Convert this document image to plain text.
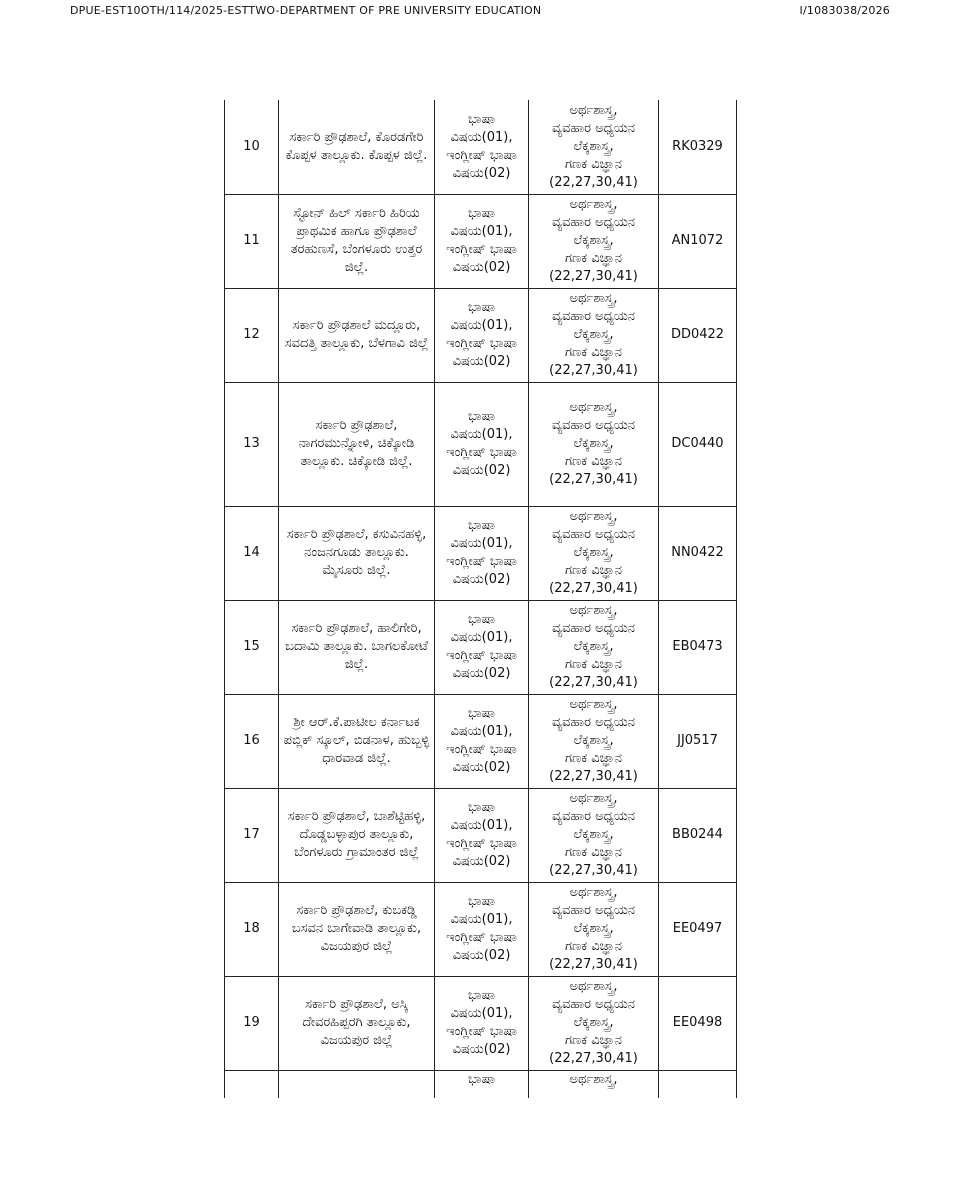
DPUE-EST10OTH/114/2025-ESTTWO-DEPARTMENT OF PRE UNIVERSITY EDUCATION	I/1083038/2026
10	ಸರ್ಕಾರಿ ಪ್ರೌಢಶಾಲೆ, ಕೊರಡಗೇರಿ ಕೊಪ್ಪಳ ತಾಲ್ಲೂಕು. ಕೊಪ್ಪಳ ಜಿಲ್ಲೆ.	ಭಾಷಾ
ವಿಷಯ(01),
ಇಂಗ್ಲೀಷ್ ಭಾಷಾ
ವಿಷಯ(02)	ಅರ್ಥಶಾಸ್ತ್ರ,
ವ್ಯವಹಾರ ಅಧ್ಯಯನ
ಲೆಕ್ಕಶಾಸ್ತ್ರ,
ಗಣಕ ವಿಜ್ಞಾನ
(22,27,30,41)	RK0329
11	ಸ್ಟೋನ್ ಹಿಲ್ ಸರ್ಕಾರಿ ಹಿರಿಯ ಪ್ರಾಥಮಿಕ ಹಾಗೂ ಪ್ರೌಢಶಾಲೆ ತರಹುಣಸೆ, ಬೆಂಗಳೂರು ಉತ್ತರ ಜಿಲ್ಲೆ.	ಭಾಷಾ
ವಿಷಯ(01),
ಇಂಗ್ಲೀಷ್ ಭಾಷಾ
ವಿಷಯ(02)	ಅರ್ಥಶಾಸ್ತ್ರ,
ವ್ಯವಹಾರ ಅಧ್ಯಯನ
ಲೆಕ್ಕಶಾಸ್ತ್ರ,
ಗಣಕ ವಿಜ್ಞಾನ
(22,27,30,41)	AN1072
12	ಸರ್ಕಾರಿ ಪ್ರೌಢಶಾಲೆ ಮದ್ಲೂರು, ಸವದತ್ತಿ ತಾಲ್ಲೂಕು, ಬೆಳಗಾವಿ ಜಿಲ್ಲೆ	ಭಾಷಾ
ವಿಷಯ(01),
ಇಂಗ್ಲೀಷ್ ಭಾಷಾ
ವಿಷಯ(02)	ಅರ್ಥಶಾಸ್ತ್ರ,
ವ್ಯವಹಾರ ಅಧ್ಯಯನ
ಲೆಕ್ಕಶಾಸ್ತ್ರ,
ಗಣಕ ವಿಜ್ಞಾನ
(22,27,30,41)	DD0422
13	ಸರ್ಕಾರಿ ಪ್ರೌಢಶಾಲೆ, ನಾಗರಮುನ್ನೋಳಿ, ಚಿಕ್ಕೋಡಿ ತಾಲ್ಲೂಕು. ಚಿಕ್ಕೋಡಿ ಜಿಲ್ಲೆ.	ಭಾಷಾ
ವಿಷಯ(01),
ಇಂಗ್ಲೀಷ್ ಭಾಷಾ
ವಿಷಯ(02)	ಅರ್ಥಶಾಸ್ತ್ರ,
ವ್ಯವಹಾರ ಅಧ್ಯಯನ
ಲೆಕ್ಕಶಾಸ್ತ್ರ,
ಗಣಕ ವಿಜ್ಞಾನ
(22,27,30,41)	DC0440
14	ಸರ್ಕಾರಿ ಪ್ರೌಢಶಾಲೆ, ಕಸುವಿನಹಳ್ಳಿ, ನಂಜನಗೂಡು ತಾಲ್ಲೂಕು. ಮೈಸೂರು ಜಿಲ್ಲೆ.	ಭಾಷಾ
ವಿಷಯ(01),
ಇಂಗ್ಲೀಷ್ ಭಾಷಾ
ವಿಷಯ(02)	ಅರ್ಥಶಾಸ್ತ್ರ,
ವ್ಯವಹಾರ ಅಧ್ಯಯನ
ಲೆಕ್ಕಶಾಸ್ತ್ರ,
ಗಣಕ ವಿಜ್ಞಾನ
(22,27,30,41)	NN0422
15	ಸರ್ಕಾರಿ ಪ್ರೌಢಶಾಲೆ, ಹಾಲಿಗೇರಿ, ಬದಾಮಿ ತಾಲ್ಲೂಕು. ಬಾಗಲಕೋಟೆ ಜಿಲ್ಲೆ.	ಭಾಷಾ
ವಿಷಯ(01),
ಇಂಗ್ಲೀಷ್ ಭಾಷಾ
ವಿಷಯ(02)	ಅರ್ಥಶಾಸ್ತ್ರ,
ವ್ಯವಹಾರ ಅಧ್ಯಯನ
ಲೆಕ್ಕಶಾಸ್ತ್ರ,
ಗಣಕ ವಿಜ್ಞಾನ
(22,27,30,41)	EB0473
16	ಶ್ರೀ ಆರ್.ಕೆ.ಪಾಟೀಲ ಕರ್ನಾಟಕ ಪಬ್ಲಿಕ್ ಸ್ಕೂಲ್, ಬಿಡನಾಳ, ಹುಬ್ಬಳ್ಳಿ ಧಾರವಾಡ ಜಿಲ್ಲೆ.	ಭಾಷಾ
ವಿಷಯ(01),
ಇಂಗ್ಲೀಷ್ ಭಾಷಾ
ವಿಷಯ(02)	ಅರ್ಥಶಾಸ್ತ್ರ,
ವ್ಯವಹಾರ ಅಧ್ಯಯನ
ಲೆಕ್ಕಶಾಸ್ತ್ರ,
ಗಣಕ ವಿಜ್ಞಾನ
(22,27,30,41)	JJ0517
17	ಸರ್ಕಾರಿ ಪ್ರೌಢಶಾಲೆ, ಬಾಶೆಟ್ಟಿಹಳ್ಳಿ, ದೊಡ್ಡಬಳ್ಳಾಪುರ ತಾಲ್ಲೂಕು, ಬೆಂಗಳೂರು ಗ್ರಾಮಾಂತರ ಜಿಲ್ಲೆ	ಭಾಷಾ
ವಿಷಯ(01),
ಇಂಗ್ಲೀಷ್ ಭಾಷಾ
ವಿಷಯ(02)	ಅರ್ಥಶಾಸ್ತ್ರ,
ವ್ಯವಹಾರ ಅಧ್ಯಯನ
ಲೆಕ್ಕಶಾಸ್ತ್ರ,
ಗಣಕ ವಿಜ್ಞಾನ
(22,27,30,41)	BB0244
18	ಸರ್ಕಾರಿ ಪ್ರೌಢಶಾಲೆ, ಕುಬಕಡ್ಡಿ ಬಸವನ ಬಾಗೇವಾಡಿ ತಾಲ್ಲೂಕು, ವಿಜಯಪುರ ಜಿಲ್ಲೆ	ಭಾಷಾ
ವಿಷಯ(01),
ಇಂಗ್ಲೀಷ್ ಭಾಷಾ
ವಿಷಯ(02)	ಅರ್ಥಶಾಸ್ತ್ರ,
ವ್ಯವಹಾರ ಅಧ್ಯಯನ
ಲೆಕ್ಕಶಾಸ್ತ್ರ,
ಗಣಕ ವಿಜ್ಞಾನ
(22,27,30,41)	EE0497
19	ಸರ್ಕಾರಿ ಪ್ರೌಢಶಾಲೆ, ಅಸ್ಕಿ ದೇವರಹಿಪ್ಪರಗಿ ತಾಲ್ಲೂಕು, ವಿಜಯಪುರ ಜಿಲ್ಲೆ	ಭಾಷಾ
ವಿಷಯ(01),
ಇಂಗ್ಲೀಷ್ ಭಾಷಾ
ವಿಷಯ(02)	ಅರ್ಥಶಾಸ್ತ್ರ,
ವ್ಯವಹಾರ ಅಧ್ಯಯನ
ಲೆಕ್ಕಶಾಸ್ತ್ರ,
ಗಣಕ ವಿಜ್ಞಾನ
(22,27,30,41)	EE0498
		ಭಾಷಾ	ಅರ್ಥಶಾಸ್ತ್ರ,	
